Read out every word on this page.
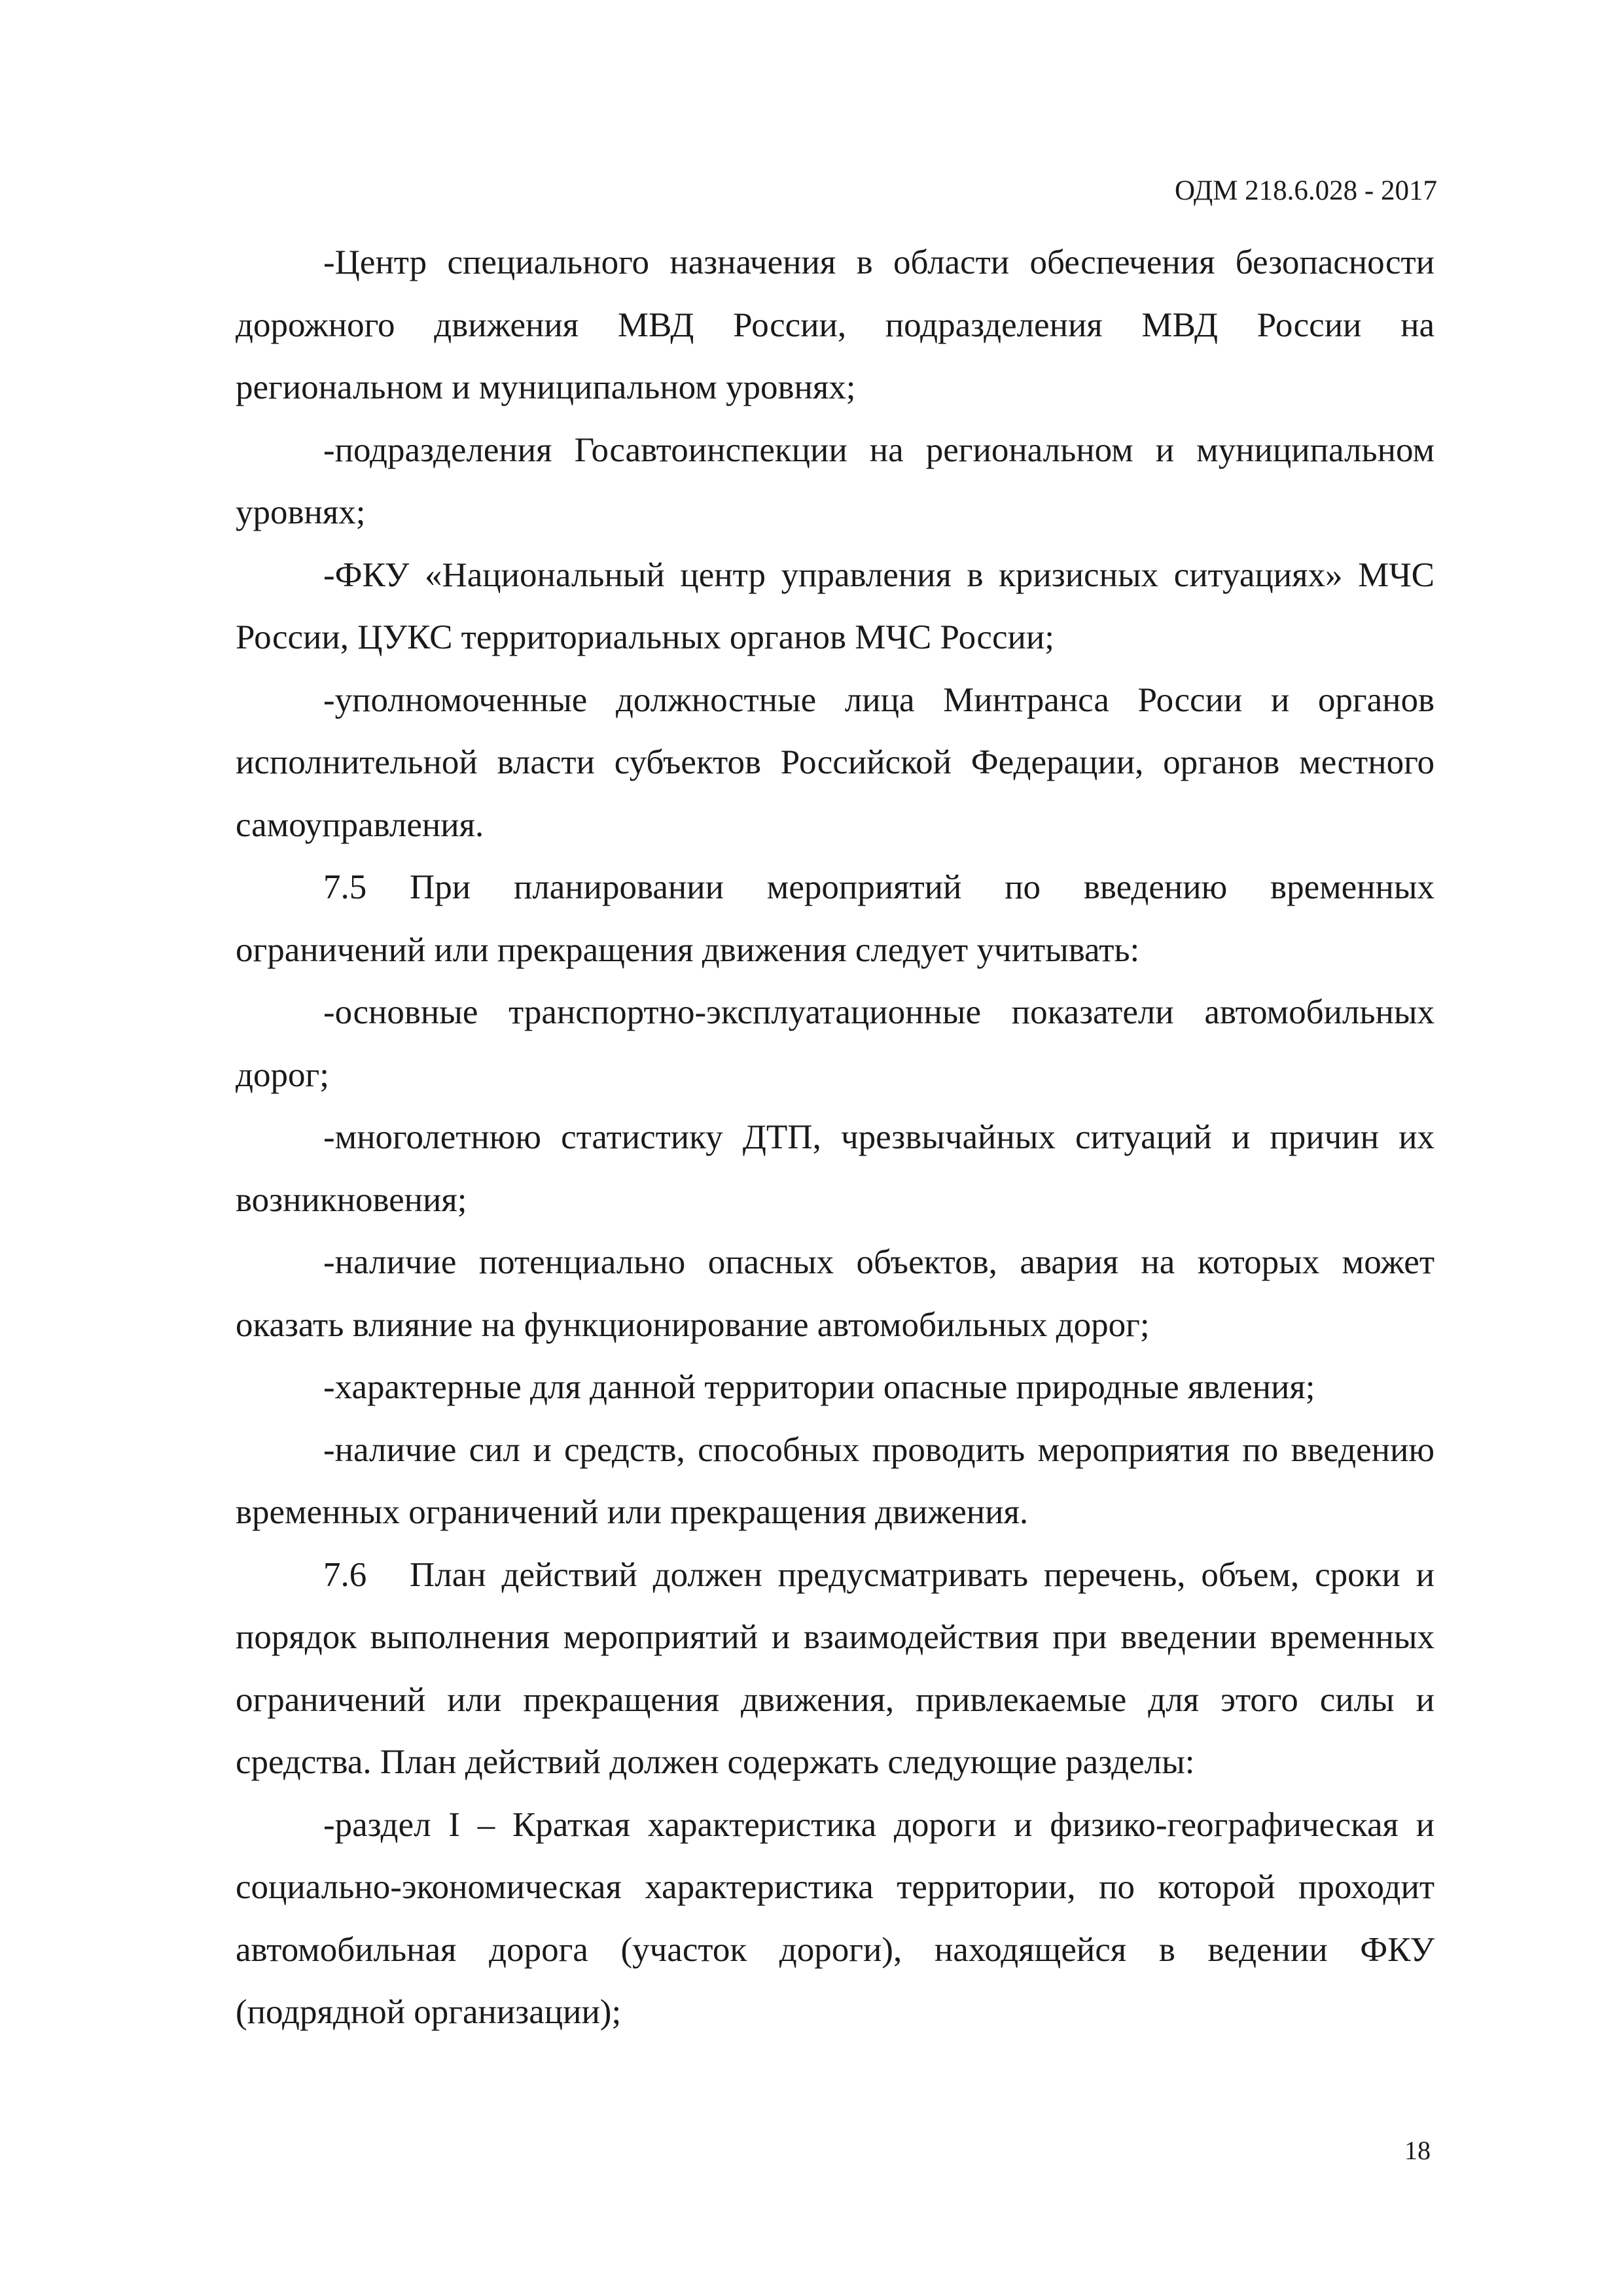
ОДМ 218.6.028 - 2017

-Центр специального назначения в области обеспечения безопасности дорожного движения МВД России, подразделения МВД России на региональном и муниципальном уровнях;

-подразделения Госавтоинспекции на региональном и муниципальном уровнях;

-ФКУ «Национальный центр управления в кризисных ситуациях» МЧС России, ЦУКС территориальных органов МЧС России;

-уполномоченные должностные лица Минтранса России и органов исполнительной власти субъектов Российской Федерации, органов местного самоуправления.

7.5 При планировании мероприятий по введению временных ограничений или прекращения движения следует учитывать:

-основные транспортно-эксплуатационные показатели автомобильных дорог;

-многолетнюю статистику ДТП, чрезвычайных ситуаций и причин их возникновения;

-наличие потенциально опасных объектов, авария на которых может оказать влияние на функционирование автомобильных дорог;

-характерные для данной территории опасные природные явления;

-наличие сил и средств, способных проводить мероприятия по введению временных ограничений или прекращения движения.

7.6 План действий должен предусматривать перечень, объем, сроки и порядок выполнения мероприятий и взаимодействия при введении временных ограничений или прекращения движения, привлекаемые для этого силы и средства. План действий должен содержать следующие разделы:

-раздел I – Краткая характеристика дороги и физико-географическая и социально-экономическая характеристика территории, по которой проходит автомобильная дорога (участок дороги), находящейся в ведении ФКУ (подрядной организации);

18
